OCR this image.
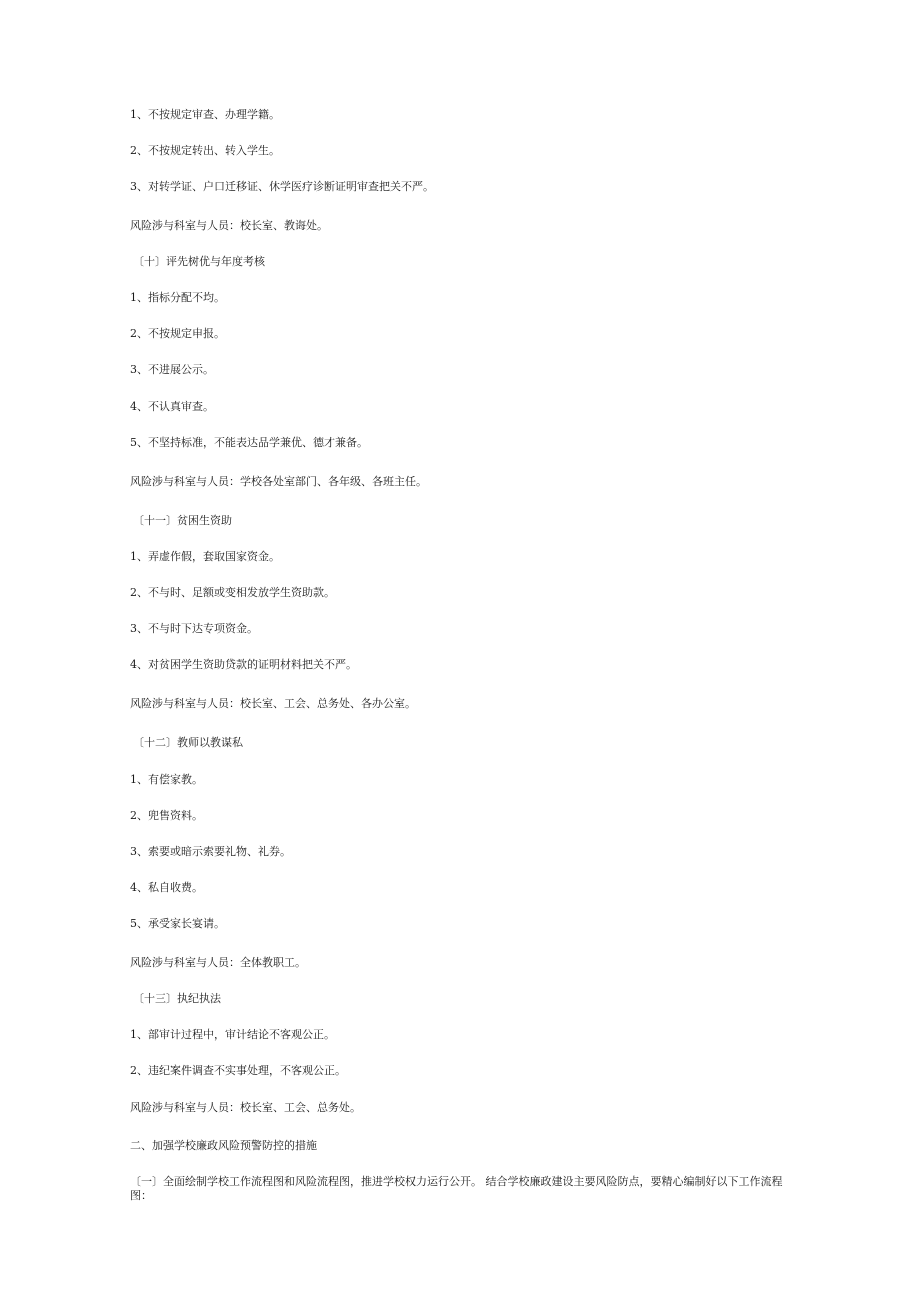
1、不按规定审查、办理学籍。
2、不按规定转出、转入学生。
3、对转学证、户口迁移证、休学医疗诊断证明审查把关不严。
风险涉与科室与人员：校长室、教诲处。
〔十〕评先树优与年度考核
1、指标分配不均。
2、不按规定申报。
3、不进展公示。
4、不认真审查。
5、不坚持标准，不能表达品学兼优、德才兼备。
风险涉与科室与人员：学校各处室部门、各年级、各班主任。
〔十一〕贫困生资助
1、弄虚作假，套取国家资金。
2、不与时、足额或变相发放学生资助款。
3、不与时下达专项资金。
4、对贫困学生资助贷款的证明材料把关不严。
风险涉与科室与人员：校长室、工会、总务处、各办公室。
〔十二〕教师以教谋私
1、有偿家教。
2、兜售资料。
3、索要或暗示索要礼物、礼券。
4、私自收费。
5、承受家长宴请。
风险涉与科室与人员：全体教职工。
〔十三〕执纪执法
1、部审计过程中，审计结论不客观公正。
2、违纪案件调查不实事处理，不客观公正。
风险涉与科室与人员：校长室、工会、总务处。
二、加强学校廉政风险预警防控的措施
〔一〕全面绘制学校工作流程图和风险流程图，推进学校权力运行公开。 结合学校廉政建设主要风险防点，要精心编制好以下工作流程图：
